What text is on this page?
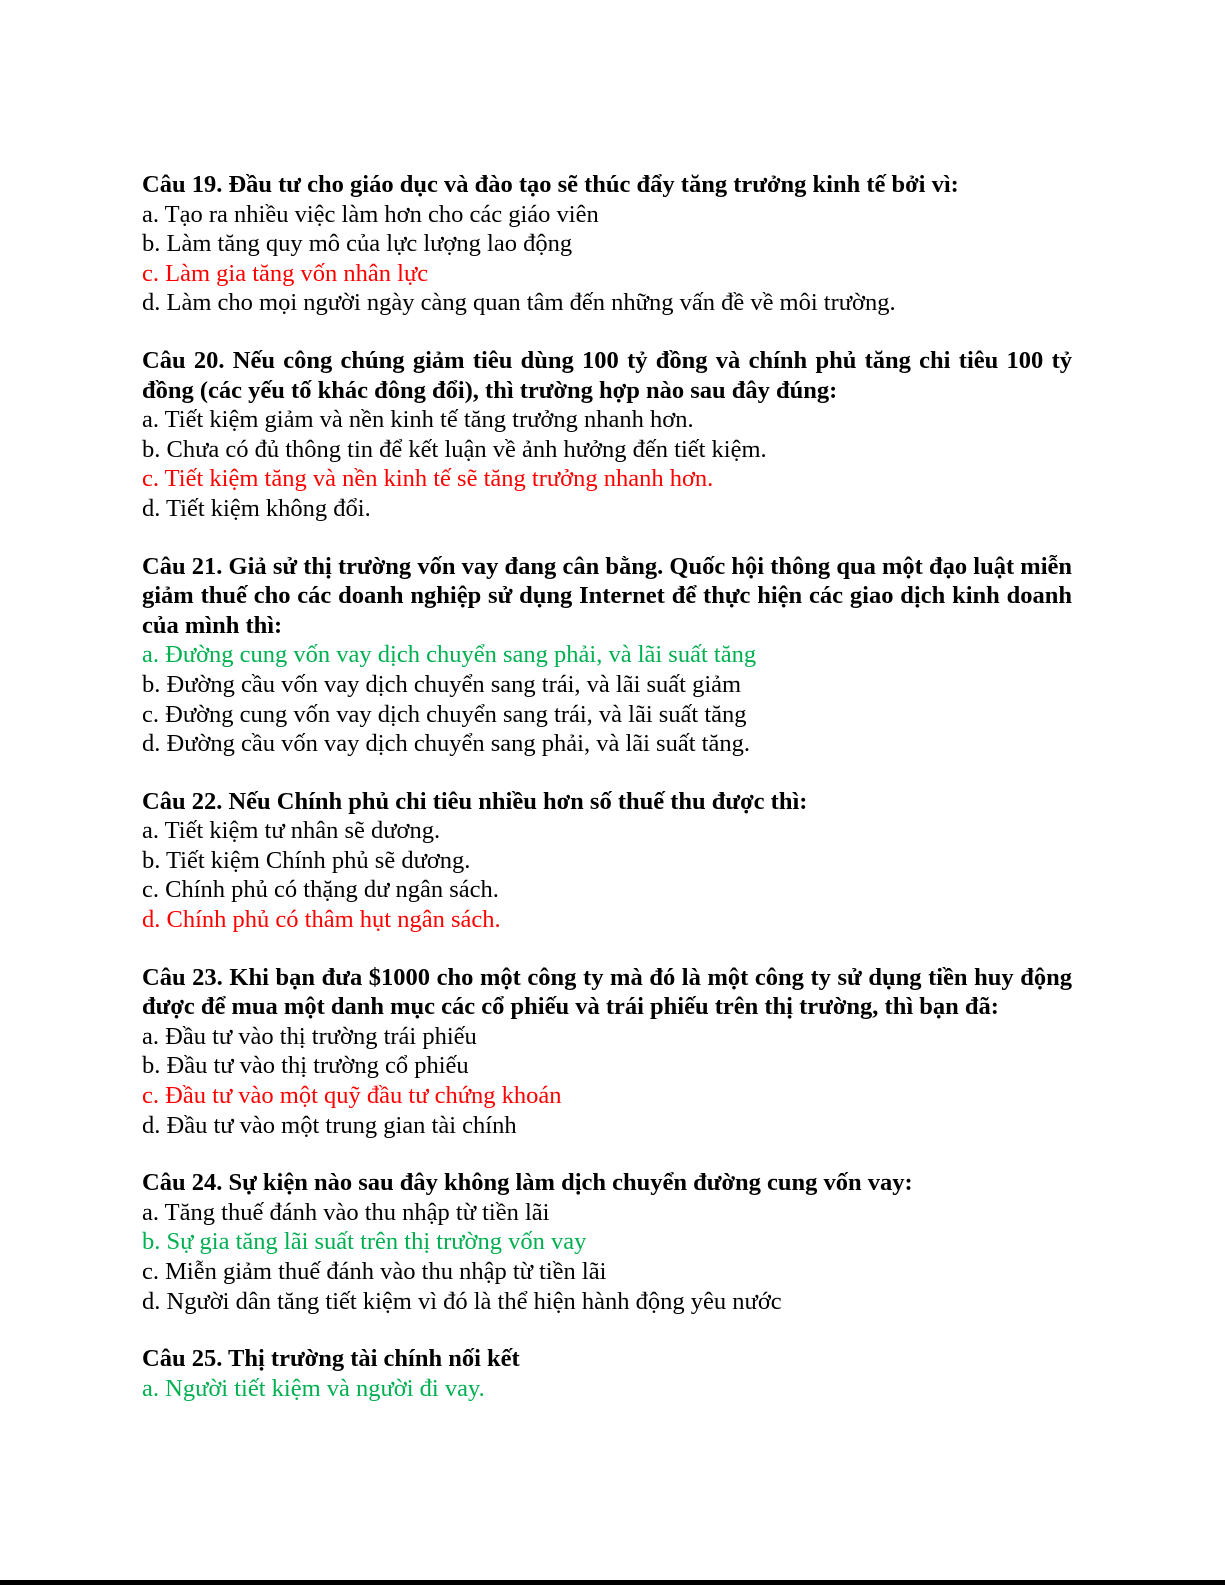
Câu 19. Đầu tư cho giáo dục và đào tạo sẽ thúc đẩy tăng trưởng kinh tế bởi vì:

a. Tạo ra nhiều việc làm hơn cho các giáo viên

b. Làm tăng quy mô của lực lượng lao động

c. Làm gia tăng vốn nhân lực

d. Làm cho mọi người ngày càng quan tâm đến những vấn đề về môi trường.

Câu 20. Nếu công chúng giảm tiêu dùng 100 tỷ đồng và chính phủ tăng chi tiêu 100 tỷ đồng (các yếu tố khác đông đổi), thì trường hợp nào sau đây đúng:

a. Tiết kiệm giảm và nền kinh tế tăng trưởng nhanh hơn.

b. Chưa có đủ thông tin để kết luận về ảnh hưởng đến tiết kiệm.

c. Tiết kiệm tăng và nền kinh tế sẽ tăng trưởng nhanh hơn.

d. Tiết kiệm không đổi.

Câu 21. Giả sử thị trường vốn vay đang cân bằng. Quốc hội thông qua một đạo luật miễn giảm thuế cho các doanh nghiệp sử dụng Internet để thực hiện các giao dịch kinh doanh của mình thì:

a. Đường cung vốn vay dịch chuyển sang phải, và lãi suất tăng

b. Đường cầu vốn vay dịch chuyển sang trái, và lãi suất giảm

c. Đường cung vốn vay dịch chuyển sang trái, và lãi suất tăng

d. Đường cầu vốn vay dịch chuyển sang phải, và lãi suất tăng.

Câu 22. Nếu Chính phủ chi tiêu nhiều hơn số thuế thu được thì:

a. Tiết kiệm tư nhân sẽ dương.

b. Tiết kiệm Chính phủ sẽ dương.

c. Chính phủ có thặng dư ngân sách.

d. Chính phủ có thâm hụt ngân sách.

Câu 23. Khi bạn đưa $1000 cho một công ty mà đó là một công ty sử dụng tiền huy động được để mua một danh mục các cổ phiếu và trái phiếu trên thị trường, thì bạn đã:

a. Đầu tư vào thị trường trái phiếu

b. Đầu tư vào thị trường cổ phiếu

c. Đầu tư vào một quỹ đầu tư chứng khoán

d. Đầu tư vào một trung gian tài chính

Câu 24. Sự kiện nào sau đây không làm dịch chuyển đường cung vốn vay:

a. Tăng thuế đánh vào thu nhập từ tiền lãi

b. Sự gia tăng lãi suất trên thị trường vốn vay

c. Miễn giảm thuế đánh vào thu nhập từ tiền lãi

d. Người dân tăng tiết kiệm vì đó là thể hiện hành động yêu nước

Câu 25. Thị trường tài chính nối kết

a. Người tiết kiệm và người đi vay.
